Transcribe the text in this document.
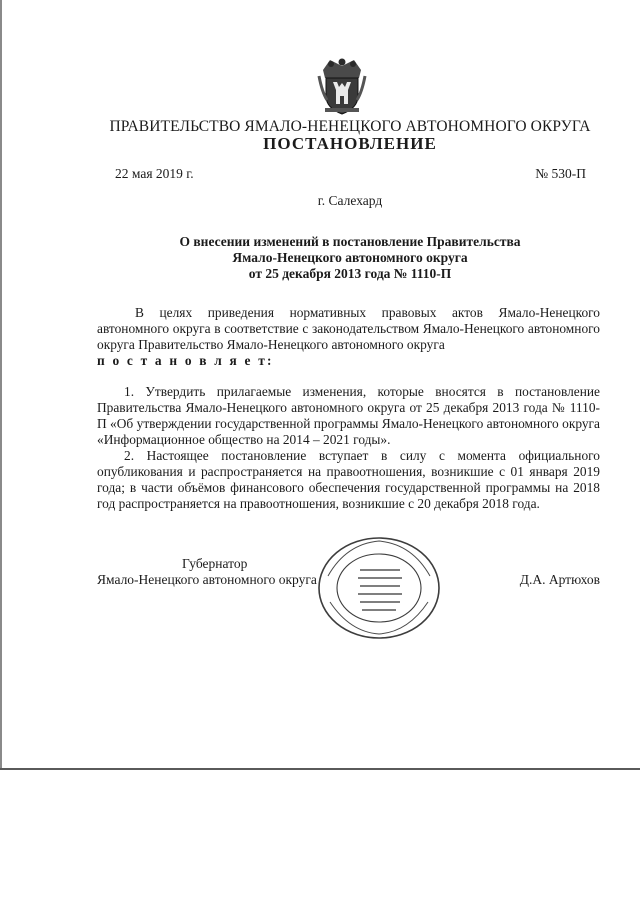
ПРАВИТЕЛЬСТВО ЯМАЛО-НЕНЕЦКОГО АВТОНОМНОГО ОКРУГА
ПОСТАНОВЛЕНИЕ
22 мая 2019 г.	№ 530-П
г. Салехард
О внесении изменений в постановление Правительства
Ямало-Ненецкого автономного округа
от 25 декабря 2013 года № 1110-П

В целях приведения нормативных правовых актов Ямало-Ненецкого автономного округа в соответствие с законодательством Ямало-Ненецкого автономного округа Правительство Ямало-Ненецкого автономного округа

п о с т а н о в л я е т:

1. Утвердить прилагаемые изменения, которые вносятся в постановление Правительства Ямало-Ненецкого автономного округа от 25 декабря 2013 года № 1110-П «Об утверждении государственной программы Ямало-Ненецкого автономного округа «Информационное общество на 2014 – 2021 годы».

2. Настоящее постановление вступает в силу с момента официального опубликования и распространяется на правоотношения, возникшие с 01 января 2019 года; в части объёмов финансового обеспечения государственной программы на 2018 год распространяется на правоотношения, возникшие с 20 декабря 2018 года.

Губернатор
Ямало-Ненецкого автономного округа	Д.А. Артюхов
